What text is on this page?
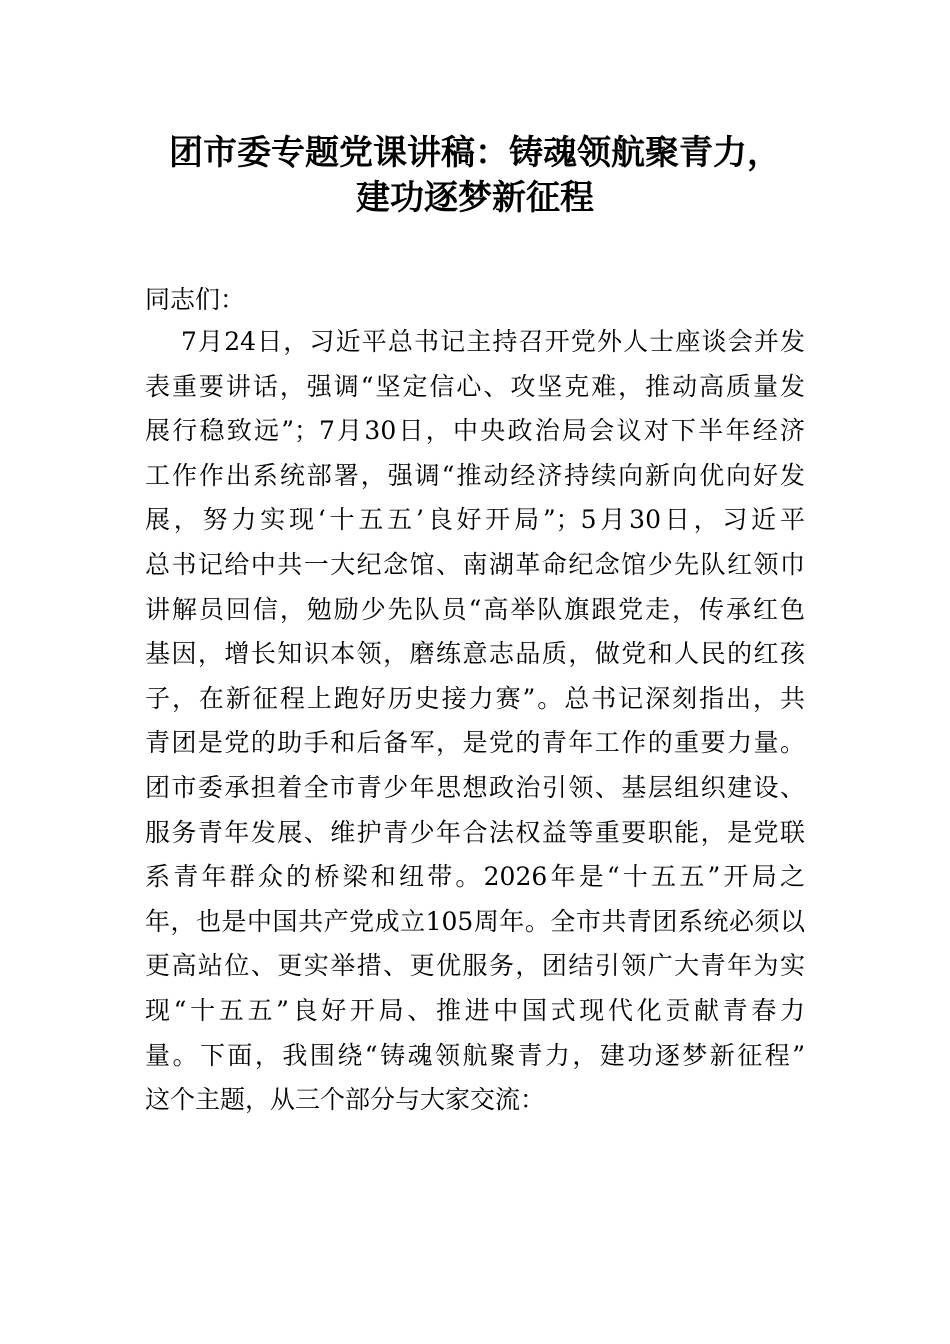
团市委专题党课讲稿：铸魂领航聚青力，
建功逐梦新征程

同志们：

7月24日，习近平总书记主持召开党外人士座谈会并发
表重要讲话，强调“坚定信心、攻坚克难，推动高质量发
展行稳致远”；7月30日，中央政治局会议对下半年经济
工作作出系统部署，强调“推动经济持续向新向优向好发
展，努力实现‘十五五’良好开局”；5月30日，习近平
总书记给中共一大纪念馆、南湖革命纪念馆少先队红领巾
讲解员回信，勉励少先队员“高举队旗跟党走，传承红色
基因，增长知识本领，磨练意志品质，做党和人民的红孩
子，在新征程上跑好历史接力赛”。总书记深刻指出，共
青团是党的助手和后备军，是党的青年工作的重要力量。
团市委承担着全市青少年思想政治引领、基层组织建设、
服务青年发展、维护青少年合法权益等重要职能，是党联
系青年群众的桥梁和纽带。2026年是“十五五”开局之
年，也是中国共产党成立105周年。全市共青团系统必须以
更高站位、更实举措、更优服务，团结引领广大青年为实
现“十五五”良好开局、推进中国式现代化贡献青春力
量。下面，我围绕“铸魂领航聚青力，建功逐梦新征程”
这个主题，从三个部分与大家交流：
